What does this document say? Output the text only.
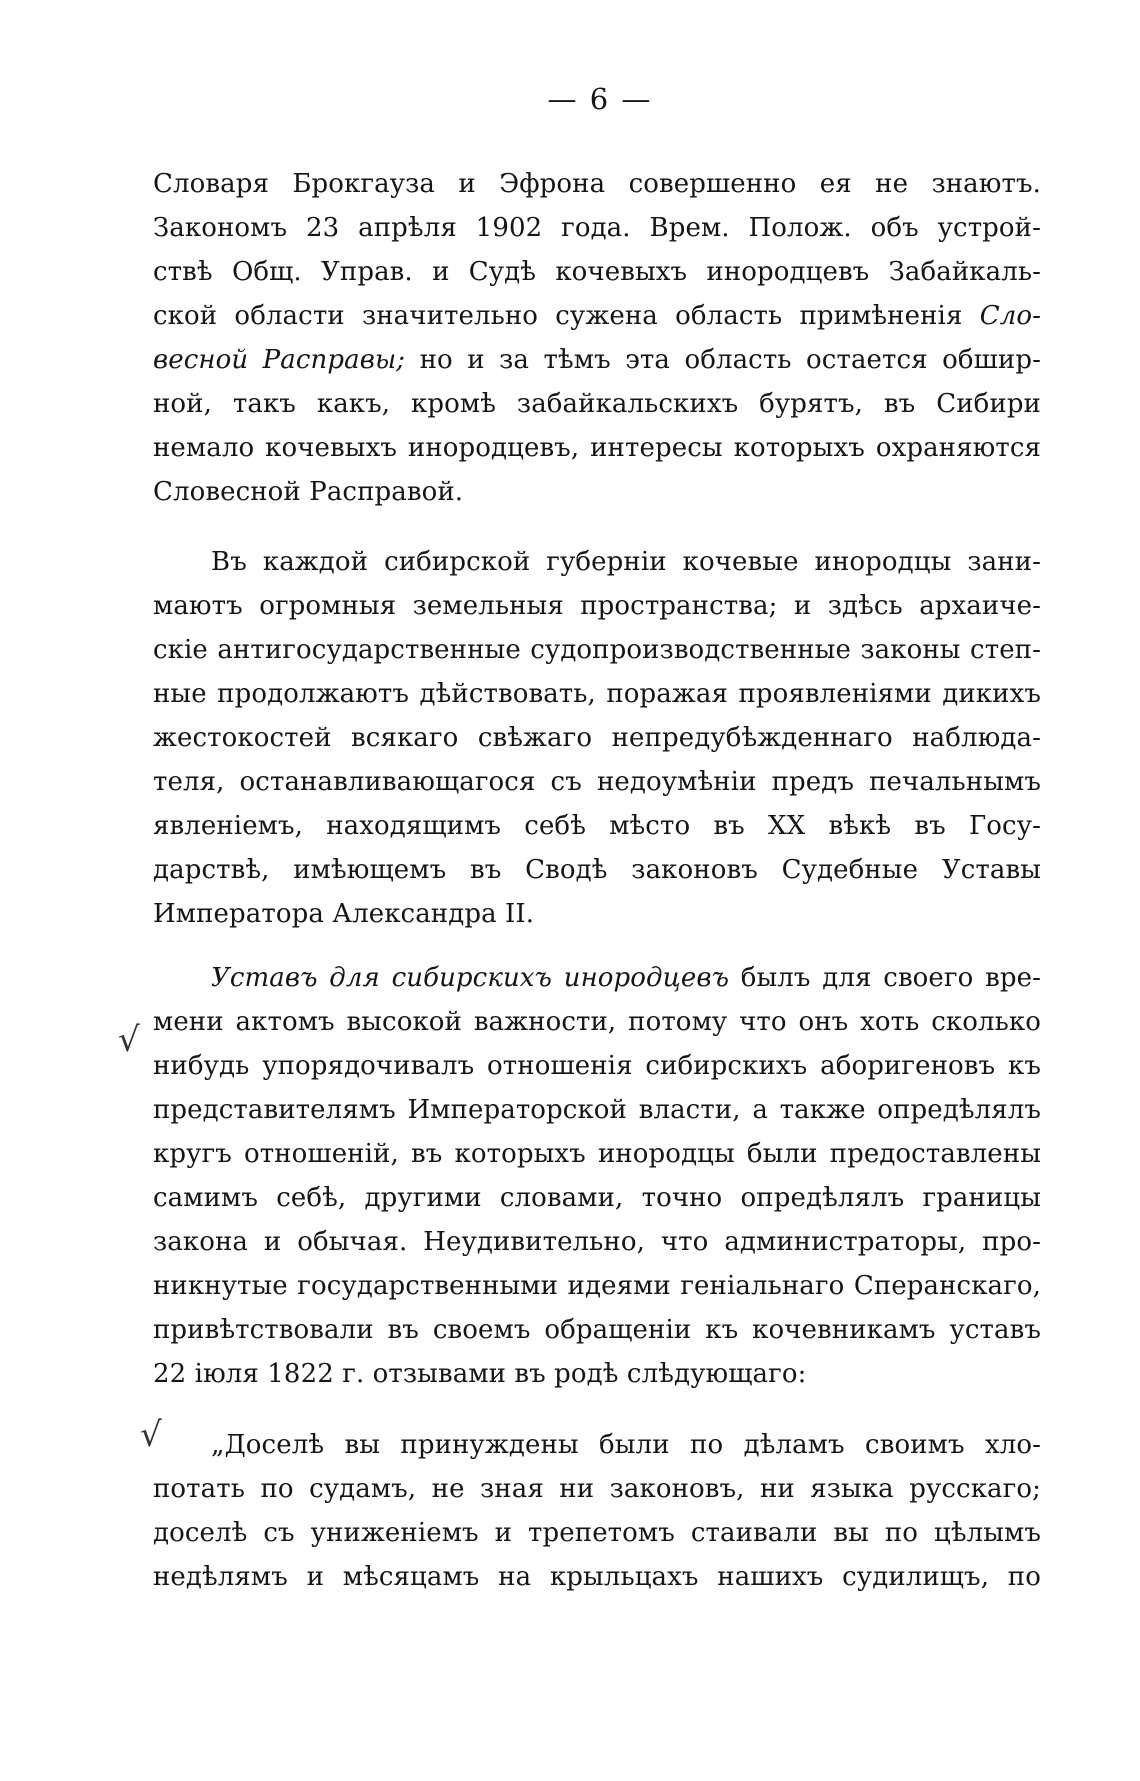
— 6 —
Словаря Брокгауза и Эфрона совершенно ея не знаютъ.
Закономъ 23 апрѣля 1902 года. Врем. Полож. объ устрой-
ствѣ Общ. Управ. и Судѣ кочевыхъ инородцевъ Забайкаль-
ской области значительно сужена область примѣненія Сло-
весной Расправы; но и за тѣмъ эта область остается обшир-
ной, такъ какъ, кромѣ забайкальскихъ бурятъ, въ Сибири
немало кочевыхъ инородцевъ, интересы которыхъ охраняются
Словесной Расправой.
Въ каждой сибирской губерніи кочевые инородцы зани-
маютъ огромныя земельныя пространства; и здѣсь архаиче-
скіе антигосударственные судопроизводственные законы степ-
ные продолжаютъ дѣйствовать, поражая проявленіями дикихъ
жестокостей всякаго свѣжаго непредубѣжденнаго наблюда-
теля, останавливающагося съ недоумѣніи предъ печальнымъ
явленіемъ, находящимъ себѣ мѣсто въ XX вѣкѣ въ Госу-
дарствѣ, имѣющемъ въ Сводѣ законовъ Судебные Уставы
Императора Александра II.
Уставъ для сибирскихъ инородцевъ былъ для своего вре-
мени актомъ высокой важности, потому что онъ хоть сколько
нибудь упорядочивалъ отношенія сибирскихъ аборигеновъ къ
представителямъ Императорской власти, а также опредѣлялъ
кругъ отношеній, въ которыхъ инородцы были предоставлены
самимъ себѣ, другими словами, точно опредѣлялъ границы
закона и обычая. Неудивительно, что администраторы, про-
никнутые государственными идеями геніальнаго Сперанскаго,
привѣтствовали въ своемъ обращеніи къ кочевникамъ уставъ
22 іюля 1822 г. отзывами въ родѣ слѣдующаго:
„Доселѣ вы принуждены были по дѣламъ своимъ хло-
потать по судамъ, не зная ни законовъ, ни языка русскаго;
доселѣ съ униженіемъ и трепетомъ стаивали вы по цѣлымъ
недѣлямъ и мѣсяцамъ на крыльцахъ нашихъ судилищъ, по
√
√
